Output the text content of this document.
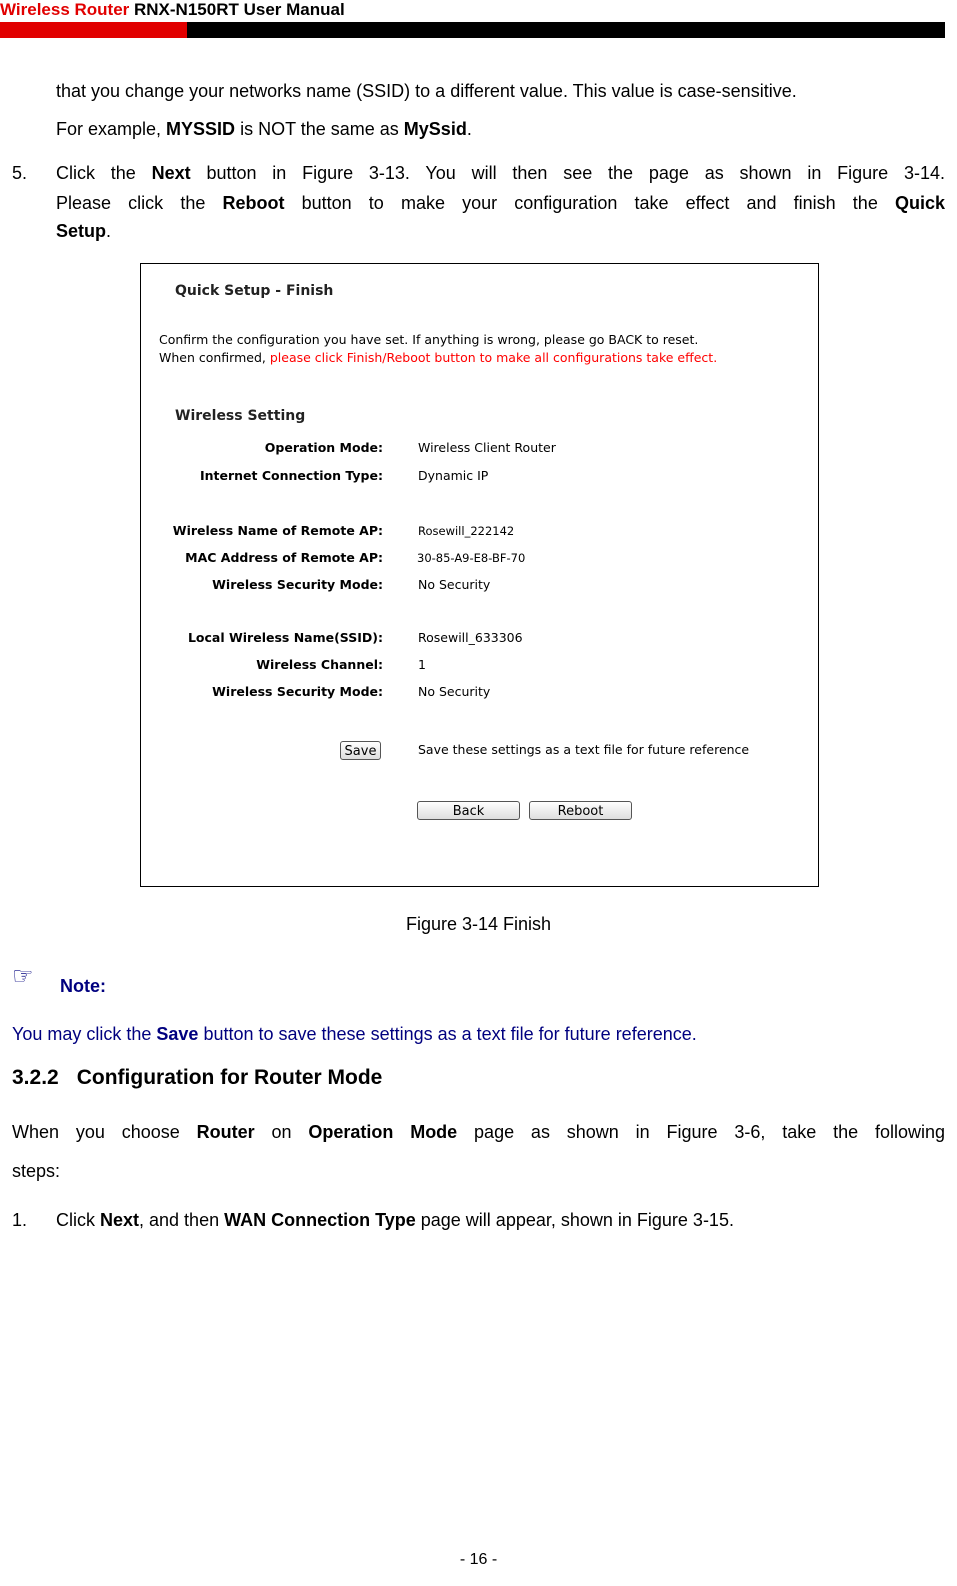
Wireless Router RNX-N150RT User Manual
that you change your networks name (SSID) to a different value. This value is case-sensitive.
For example, MYSSID is NOT the same as MySsid.
5. Click the Next button in Figure 3-13. You will then see the page as shown in Figure 3-14.
Please click the Reboot button to make your configuration take effect and finish the Quick
Setup.
Quick Setup - Finish
Confirm the configuration you have set. If anything is wrong, please go BACK to reset.
When confirmed, please click Finish/Reboot button to make all configurations take effect.
Wireless Setting
Operation Mode:	Wireless Client Router
Internet Connection Type:	Dynamic IP
Wireless Name of Remote AP:	Rosewill_222142
MAC Address of Remote AP:	30-85-A9-E8-BF-70
Wireless Security Mode:	No Security
Local Wireless Name(SSID):	Rosewill_633306
Wireless Channel:	1
Wireless Security Mode:	No Security
Save	Save these settings as a text file for future reference
Back	Reboot
Figure 3-14 Finish
☞ Note:
You may click the Save button to save these settings as a text file for future reference.
3.2.2 Configuration for Router Mode
When you choose Router on Operation Mode page as shown in Figure 3-6, take the following
steps:
1. Click Next, and then WAN Connection Type page will appear, shown in Figure 3-15.
- 16 -
